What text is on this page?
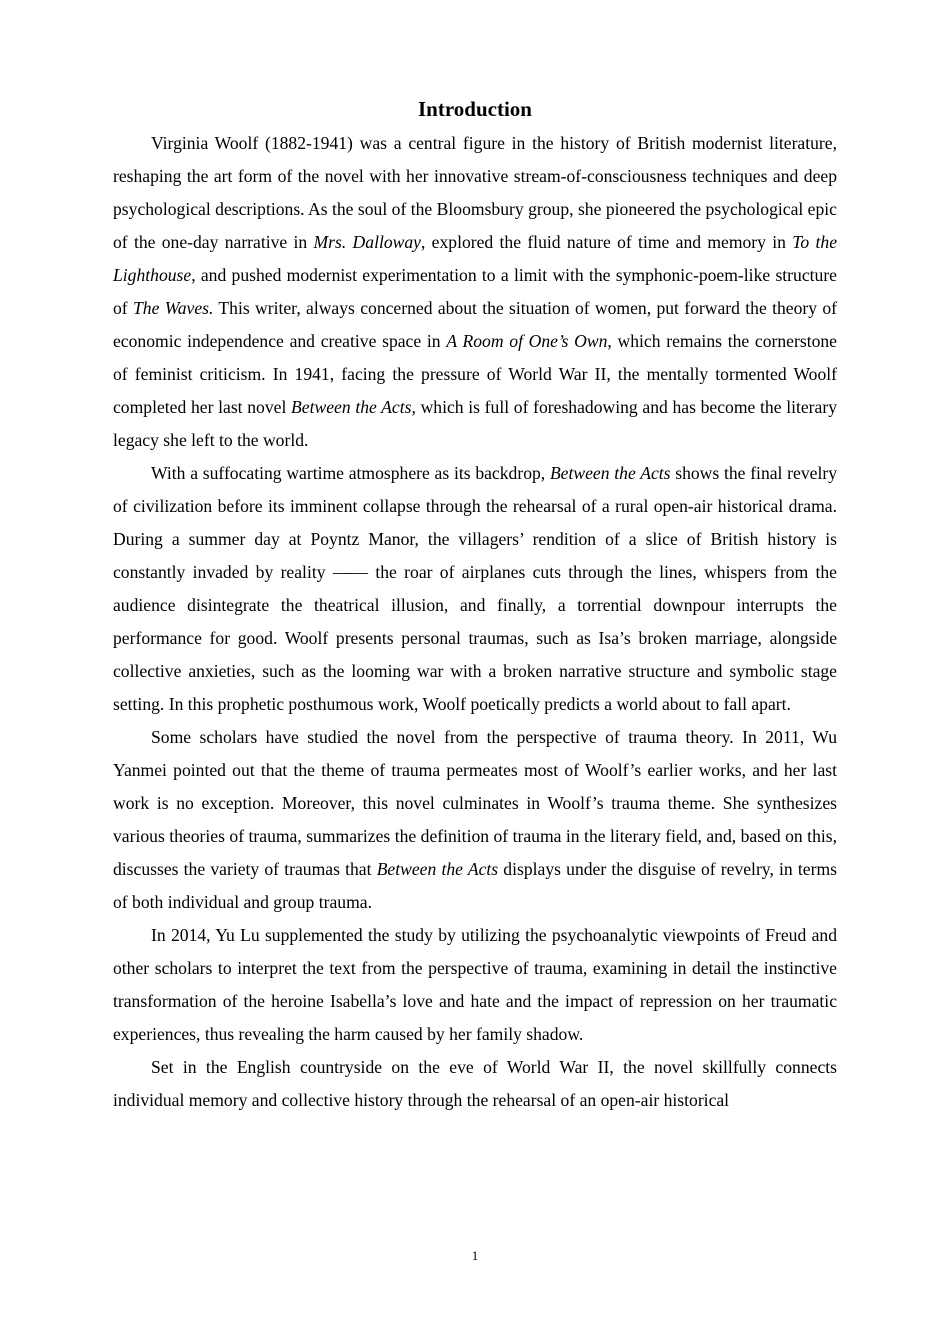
Introduction

Virginia Woolf (1882-1941) was a central figure in the history of British modernist literature, reshaping the art form of the novel with her innovative stream-of-consciousness techniques and deep psychological descriptions. As the soul of the Bloomsbury group, she pioneered the psychological epic of the one-day narrative in Mrs. Dalloway, explored the fluid nature of time and memory in To the Lighthouse, and pushed modernist experimentation to a limit with the symphonic-poem-like structure of The Waves. This writer, always concerned about the situation of women, put forward the theory of economic independence and creative space in A Room of One’s Own, which remains the cornerstone of feminist criticism. In 1941, facing the pressure of World War II, the mentally tormented Woolf completed her last novel Between the Acts, which is full of foreshadowing and has become the literary legacy she left to the world.

With a suffocating wartime atmosphere as its backdrop, Between the Acts shows the final revelry of civilization before its imminent collapse through the rehearsal of a rural open-air historical drama. During a summer day at Poyntz Manor, the villagers’ rendition of a slice of British history is constantly invaded by reality —— the roar of airplanes cuts through the lines, whispers from the audience disintegrate the theatrical illusion, and finally, a torrential downpour interrupts the performance for good. Woolf presents personal traumas, such as Isa’s broken marriage, alongside collective anxieties, such as the looming war with a broken narrative structure and symbolic stage setting. In this prophetic posthumous work, Woolf poetically predicts a world about to fall apart.

Some scholars have studied the novel from the perspective of trauma theory. In 2011, Wu Yanmei pointed out that the theme of trauma permeates most of Woolf’s earlier works, and her last work is no exception. Moreover, this novel culminates in Woolf’s trauma theme. She synthesizes various theories of trauma, summarizes the definition of trauma in the literary field, and, based on this, discusses the variety of traumas that Between the Acts displays under the disguise of revelry, in terms of both individual and group trauma.

In 2014, Yu Lu supplemented the study by utilizing the psychoanalytic viewpoints of Freud and other scholars to interpret the text from the perspective of trauma, examining in detail the instinctive transformation of the heroine Isabella’s love and hate and the impact of repression on her traumatic experiences, thus revealing the harm caused by her family shadow.

Set in the English countryside on the eve of World War II, the novel skillfully connects individual memory and collective history through the rehearsal of an open-air historical

1
